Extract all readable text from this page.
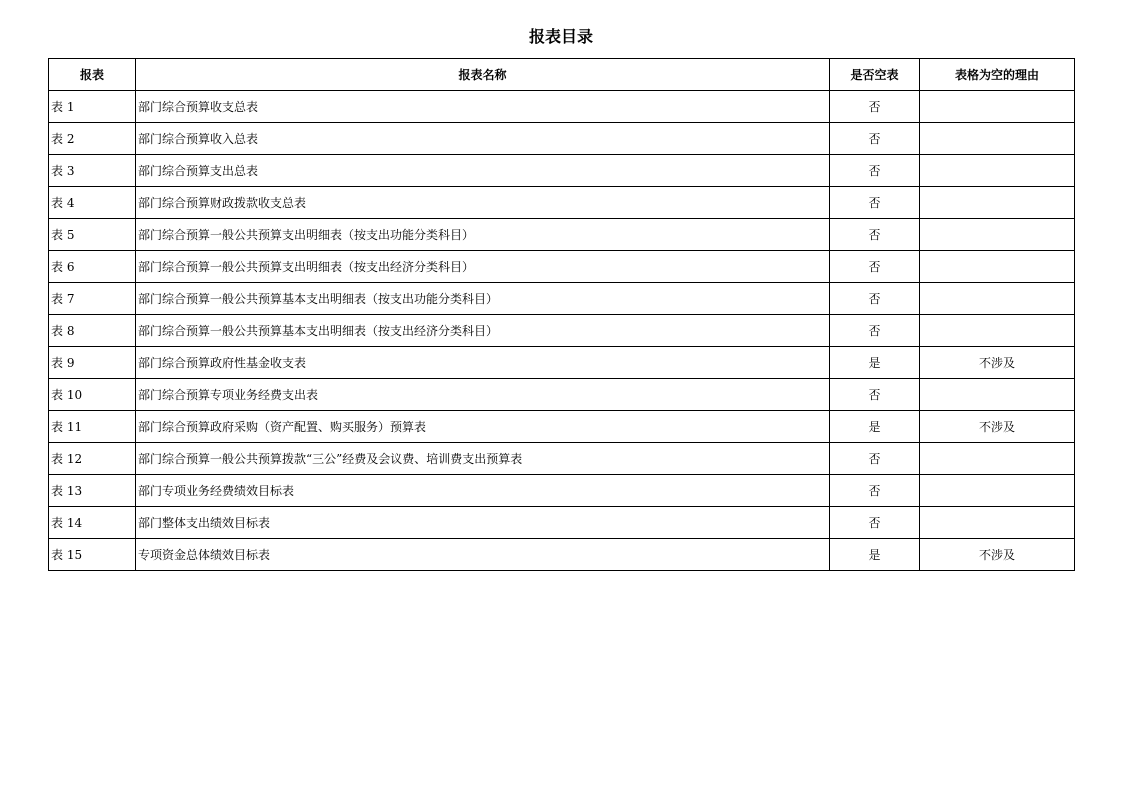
报表目录
报表	报表名称	是否空表	表格为空的理由
表 1	部门综合预算收支总表	否	
表 2	部门综合预算收入总表	否	
表 3	部门综合预算支出总表	否	
表 4	部门综合预算财政拨款收支总表	否	
表 5	部门综合预算一般公共预算支出明细表（按支出功能分类科目）	否	
表 6	部门综合预算一般公共预算支出明细表（按支出经济分类科目）	否	
表 7	部门综合预算一般公共预算基本支出明细表（按支出功能分类科目）	否	
表 8	部门综合预算一般公共预算基本支出明细表（按支出经济分类科目）	否	
表 9	部门综合预算政府性基金收支表	是	不涉及
表 10	部门综合预算专项业务经费支出表	否	
表 11	部门综合预算政府采购（资产配置、购买服务）预算表	是	不涉及
表 12	部门综合预算一般公共预算拨款“三公”经费及会议费、培训费支出预算表	否	
表 13	部门专项业务经费绩效目标表	否	
表 14	部门整体支出绩效目标表	否	
表 15	专项资金总体绩效目标表	是	不涉及
